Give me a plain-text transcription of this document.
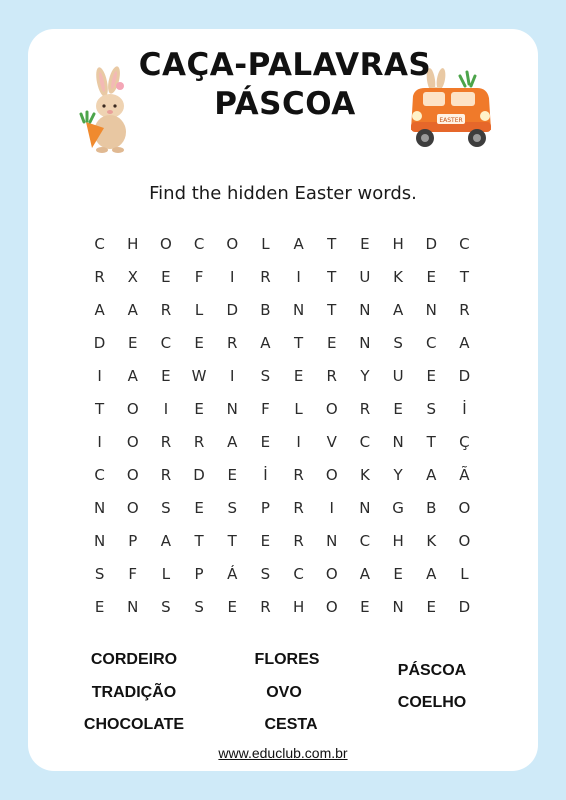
EASTER
CAÇA-PALAVRAS
PÁSCOA
Find the hidden Easter words.
C	H	O	C	O	L	A	T	E	H	D	C
R	X	E	F	I	R	I	T	U	K	E	T
A	A	R	L	D	B	N	T	N	A	N	R
D	E	C	E	R	A	T	E	N	S	C	A
I	A	E	W	I	S	E	R	Y	U	E	D
T	O	I	E	N	F	L	O	R	E	S	İ
I	O	R	R	A	E	I	V	C	N	T	Ç
C	O	R	D	E	İ	R	O	K	Y	A	Ã
N	O	S	E	S	P	R	I	N	G	B	O
N	P	A	T	T	E	R	N	C	H	K	O
S	F	L	P	Á	S	C	O	A	E	A	L
E	N	S	S	E	R	H	O	E	N	E	D
CORDEIRO
TRADIÇÃO
CHOCOLATE
FLORES
OVO
CESTA
PÁSCOA
COELHO
www.educlub.com.br
